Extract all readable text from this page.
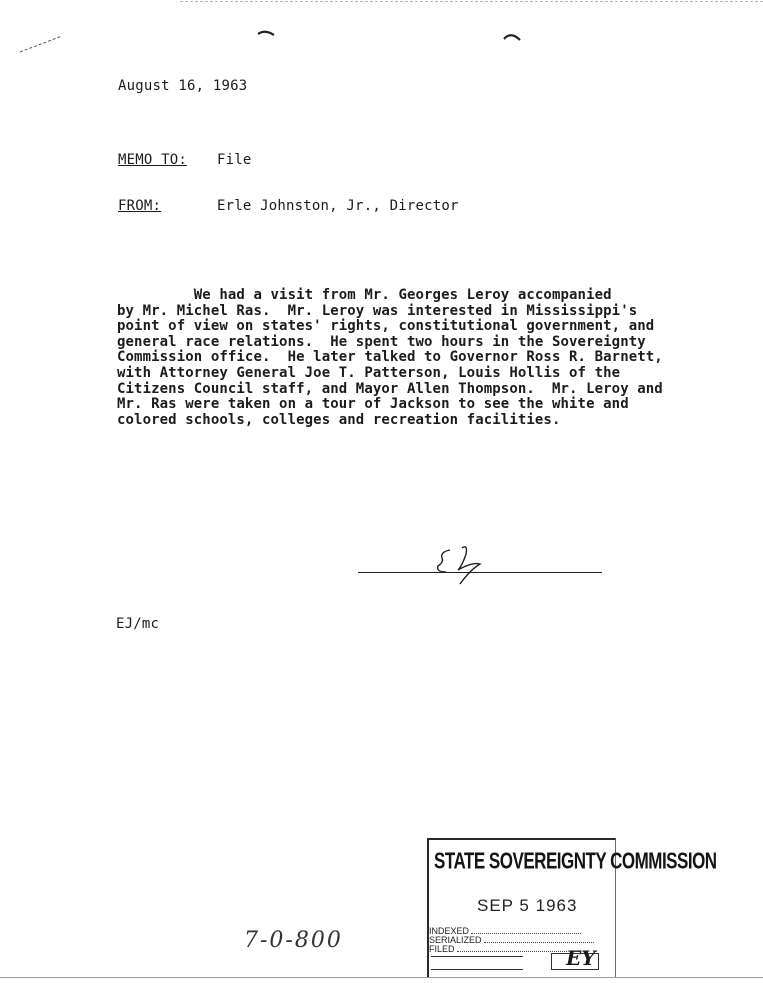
August 16, 1963
MEMO TO: File
FROM:	Erle Johnston, Jr., Director
We had a visit from Mr. Georges Leroy accompanied
by Mr. Michel Ras.  Mr. Leroy was interested in Mississippi's
point of view on states' rights, constitutional government, and
general race relations.  He spent two hours in the Sovereignty
Commission office.  He later talked to Governor Ross R. Barnett,
with Attorney General Joe T. Patterson, Louis Hollis of the
Citizens Council staff, and Mayor Allen Thompson.  Mr. Leroy and
Mr. Ras were taken on a tour of Jackson to see the white and
colored schools, colleges and recreation facilities.
EJ/mc
7-0-800
STATE SOVEREIGNTY COMMISSION
SEP 5 1963
INDEXED
SERIALIZED
FILED	EY
